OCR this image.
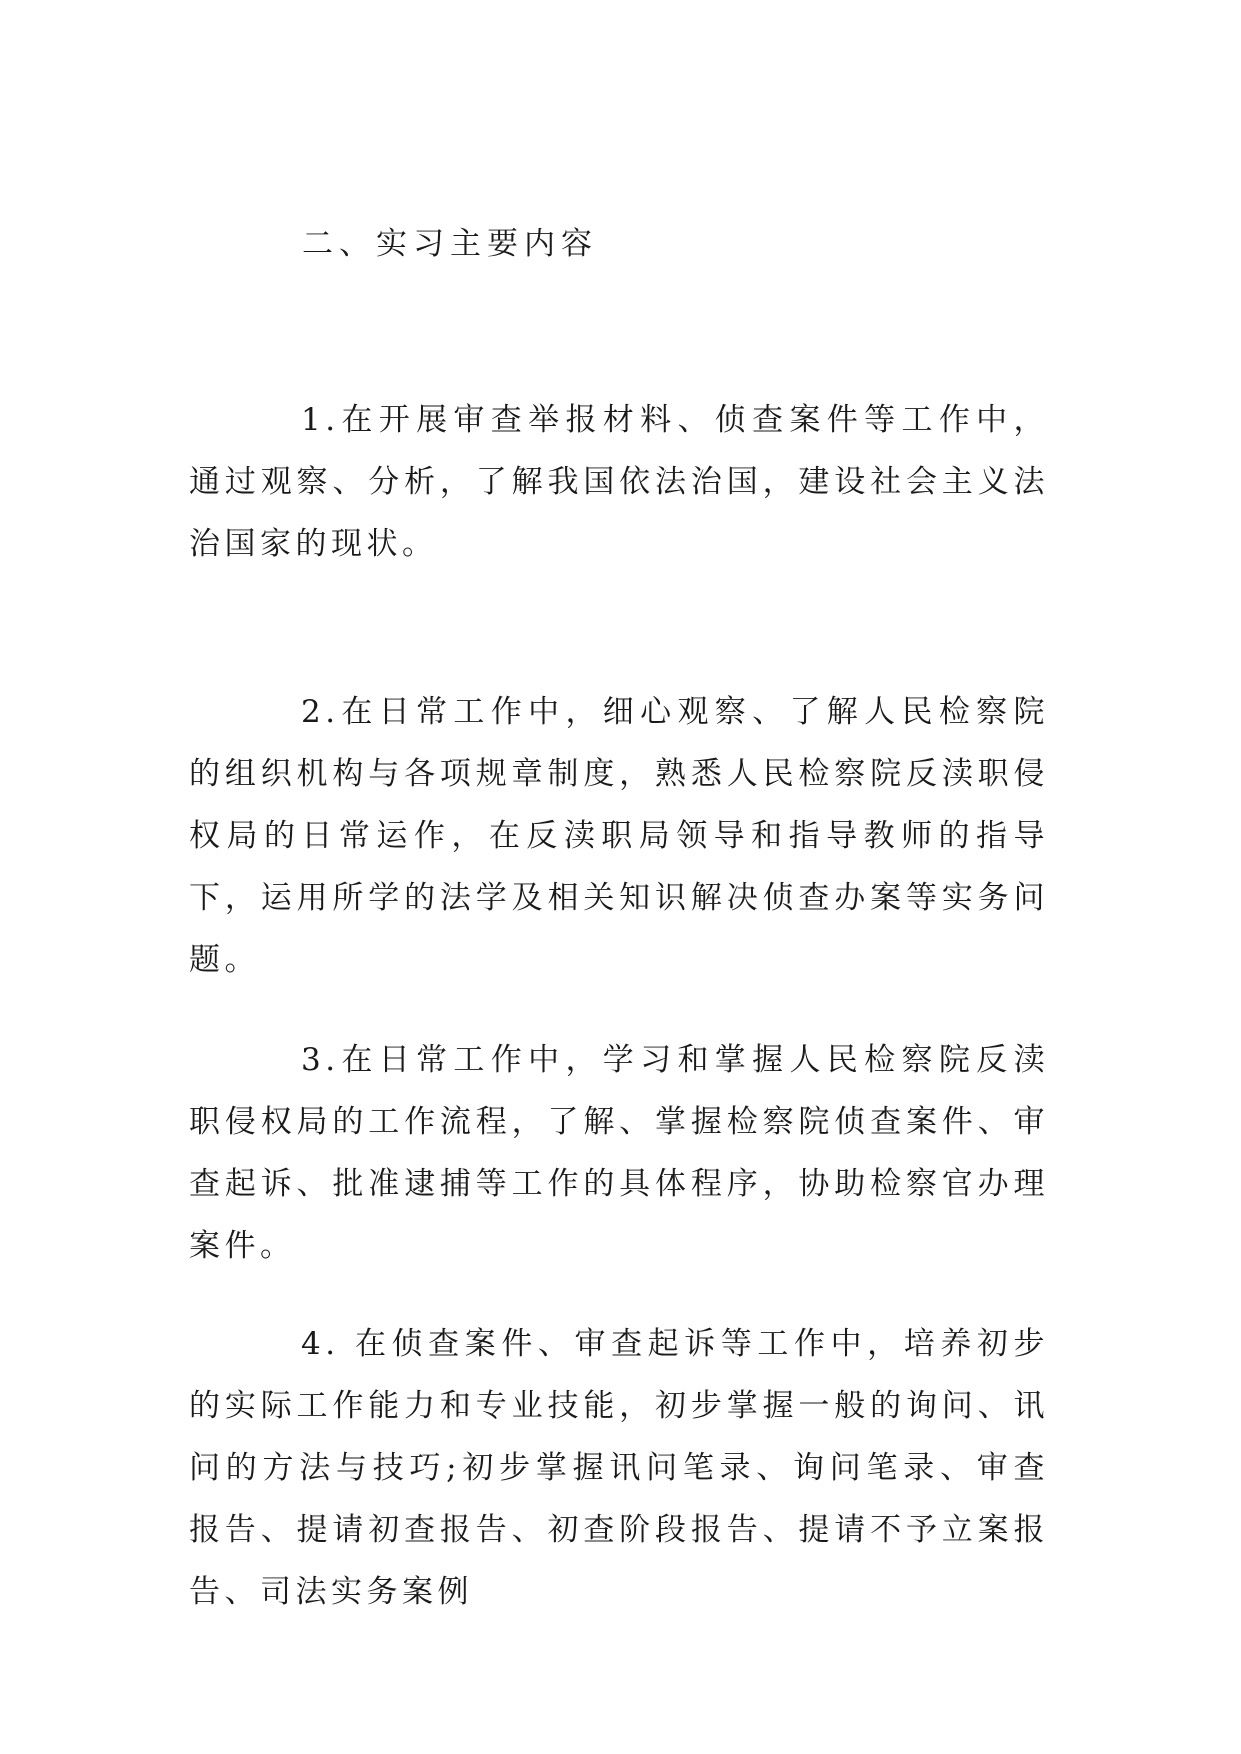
二、实习主要内容

1.在开展审查举报材料、侦查案件等工作中，通过观察、分析，了解我国依法治国，建设社会主义法治国家的现状。

2.在日常工作中，细心观察、了解人民检察院的组织机构与各项规章制度，熟悉人民检察院反渎职侵权局的日常运作，在反渎职局领导和指导教师的指导下，运用所学的法学及相关知识解决侦查办案等实务问题。

3.在日常工作中，学习和掌握人民检察院反渎职侵权局的工作流程，了解、掌握检察院侦查案件、审查起诉、批准逮捕等工作的具体程序，协助检察官办理案件。

4. 在侦查案件、审查起诉等工作中，培养初步的实际工作能力和专业技能，初步掌握一般的询问、讯问的方法与技巧;初步掌握讯问笔录、询问笔录、审查报告、提请初查报告、初查阶段报告、提请不予立案报告、司法实务案例
